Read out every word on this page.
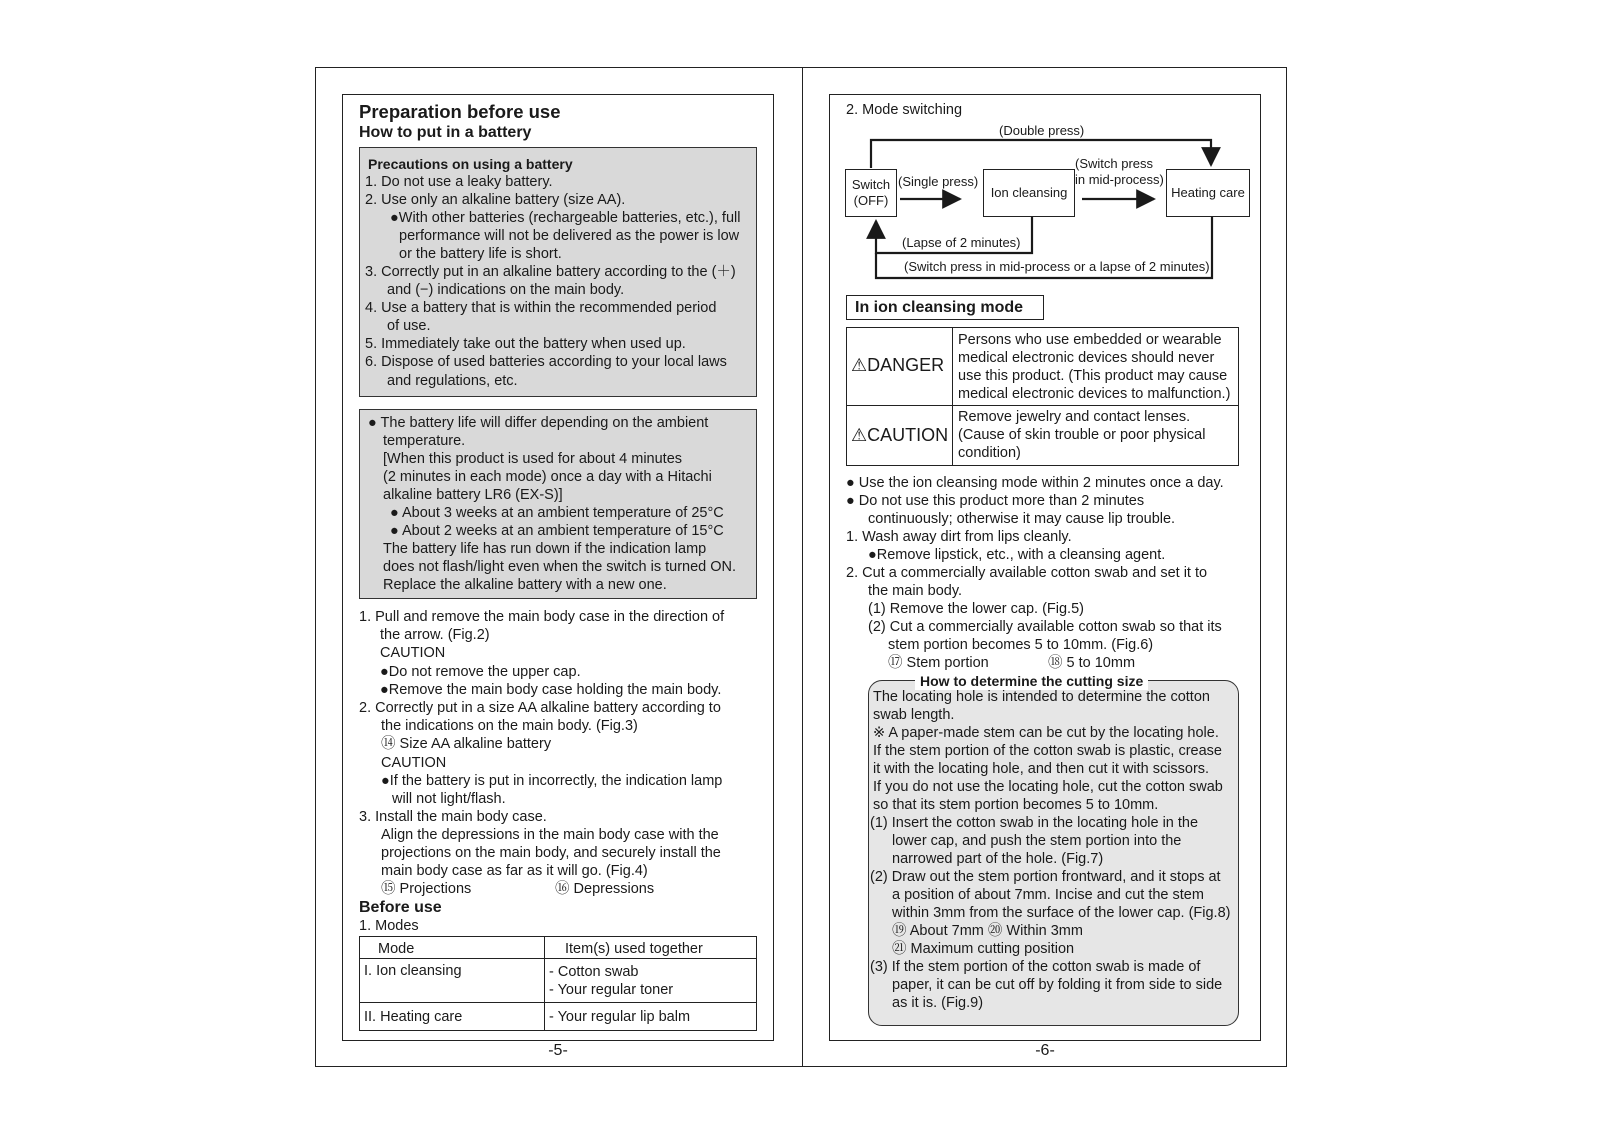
Preparation before use
How to put in a battery
Precautions on using a battery
1. Do not use a leaky battery.
2. Use only an alkaline battery (size AA).
●With other batteries (rechargeable batteries, etc.), full
performance will not be delivered as the power is low
or the battery life is short.
3. Correctly put in an alkaline battery according to the (＋)
and (−) indications on the main body.
4. Use a battery that is within the recommended period
of use.
5. Immediately take out the battery when used up.
6. Dispose of used batteries according to your local laws
and regulations, etc.
● The battery life will differ depending on the ambient
temperature.
[When this product is used for about 4 minutes
(2 minutes in each mode) once a day with a Hitachi
alkaline battery LR6 (EX-S)]
● About 3 weeks at an ambient temperature of 25°C
● About 2 weeks at an ambient temperature of 15°C
The battery life has run down if the indication lamp
does not flash/light even when the switch is turned ON.
Replace the alkaline battery with a new one.
1. Pull and remove the main body case in the direction of
the arrow. (Fig.2)
CAUTION
●Do not remove the upper cap.
●Remove the main body case holding the main body.
2. Correctly put in a size AA alkaline battery according to
the indications on the main body. (Fig.3)
⑭ Size AA alkaline battery
CAUTION
●If the battery is put in incorrectly, the indication lamp
will not light/flash.
3. Install the main body case.
Align the depressions in the main body case with the
projections on the main body, and securely install the
main body case as far as it will go. (Fig.4)
⑮ Projections	⑯ Depressions
Before use
1. Modes
Mode	Item(s) used together
I. Ion cleansing	- Cotton swab
- Your regular toner

II. Heating care	- Your regular lip balm
-5-
2. Mode switching
(Double press)
Switch
(OFF)
(Single press)
Ion cleansing
(Switch press
in mid-process)
Heating care
(Lapse of 2 minutes)
(Switch press in mid-process or a lapse of 2 minutes)
In ion cleansing mode
⚠DANGER
Persons who use embedded or wearable
medical electronic devices should never
use this product. (This product may cause
medical electronic devices to malfunction.)
⚠CAUTION
Remove jewelry and contact lenses.
(Cause of skin trouble or poor physical
condition)
● Use the ion cleansing mode within 2 minutes once a day.
● Do not use this product more than 2 minutes
continuously; otherwise it may cause lip trouble.
1. Wash away dirt from lips cleanly.
●Remove lipstick, etc., with a cleansing agent.
2. Cut a commercially available cotton swab and set it to
the main body.
(1) Remove the lower cap. (Fig.5)
(2) Cut a commercially available cotton swab so that its
stem portion becomes 5 to 10mm. (Fig.6)
⑰ Stem portion	⑱ 5 to 10mm
How to determine the cutting size
The locating hole is intended to determine the cotton
swab length.
※ A paper-made stem can be cut by the locating hole.
If the stem portion of the cotton swab is plastic, crease
it with the locating hole, and then cut it with scissors.
If you do not use the locating hole, cut the cotton swab
so that its stem portion becomes 5 to 10mm.
(1) Insert the cotton swab in the locating hole in the
lower cap, and push the stem portion into the
narrowed part of the hole. (Fig.7)
(2) Draw out the stem portion frontward, and it stops at
a position of about 7mm. Incise and cut the stem
within 3mm from the surface of the lower cap. (Fig.8)
⑲ About 7mm ⑳ Within 3mm
㉑ Maximum cutting position
(3) If the stem portion of the cotton swab is made of
paper, it can be cut off by folding it from side to side
as it is. (Fig.9)
-6-
